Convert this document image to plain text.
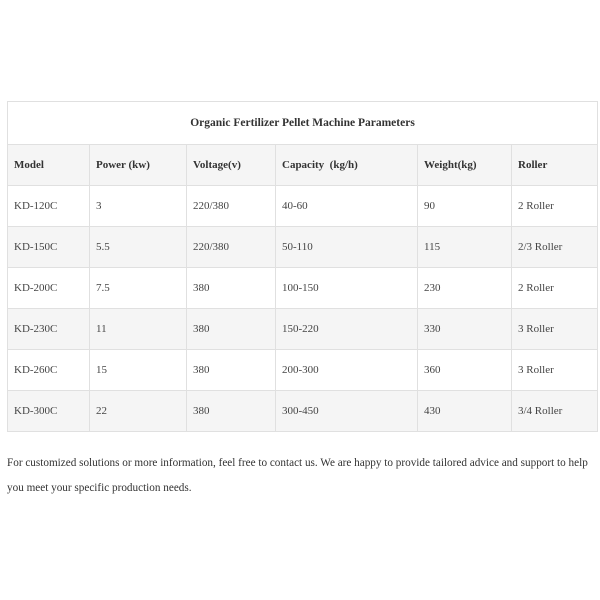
Organic Fertilizer Pellet Machine Parameters					
Model	Power (kw)	Voltage(v)	Capacity  (kg/h)	Weight(kg)	Roller
KD-120C	3	220/380	40-60	90	2 Roller
KD-150C	5.5	220/380	50-110	115	2/3 Roller
KD-200C	7.5	380	100-150	230	2 Roller
KD-230C	11	380	150-220	330	3 Roller
KD-260C	15	380	200-300	360	3 Roller
KD-300C	22	380	300-450	430	3/4 Roller

For customized solutions or more information, feel free to contact us. We are happy to provide tailored advice and support to help you meet your specific production needs.
